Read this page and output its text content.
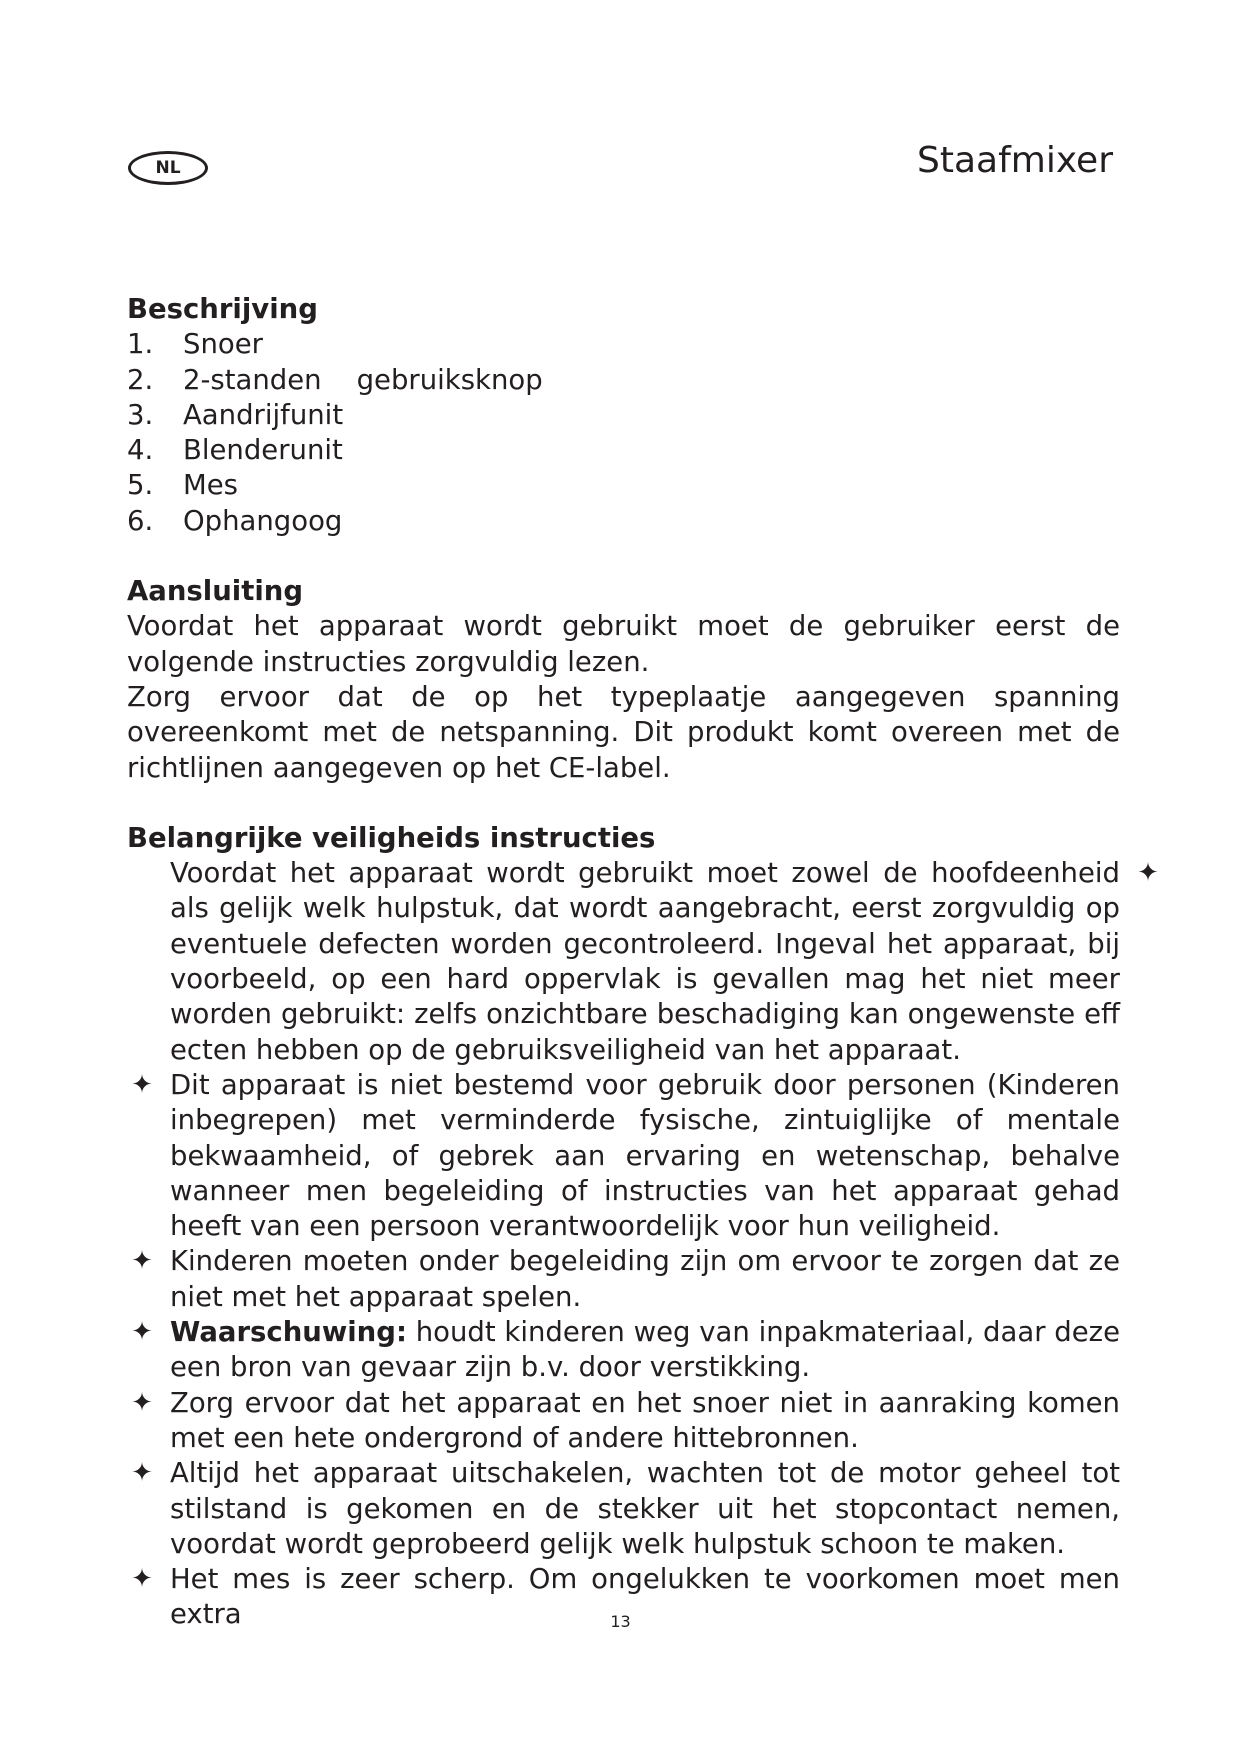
NL	Staafmixer

Beschrijving

1.	Snoer
2.	2-standen    gebruiksknop
3.	Aandrijfunit
4.	Blenderunit
5.	Mes
6.	Ophangoog

Aansluiting

Voordat het apparaat wordt gebruikt moet de gebruiker eerst de volgende instructies zorgvuldig lezen.

Zorg ervoor dat de op het typeplaatje aangegeven spanning overeenkomt met de netspanning. Dit produkt komt overeen met de richtlijnen aangegeven op het CE-label.

Belangrijke veiligheids instructies

✦
Voordat het apparaat wordt gebruikt moet zowel de hoofdeenheid als gelijk welk hulpstuk, dat wordt aangebracht, eerst zorgvuldig op eventuele defecten worden gecontroleerd. Ingeval het apparaat, bij voorbeeld, op een hard oppervlak is gevallen mag het niet meer worden gebruikt: zelfs onzichtbare beschadiging kan ongewenste eff ecten hebben op de gebruiksveiligheid van het apparaat.
✦ Dit apparaat is niet bestemd voor gebruik door personen (Kinderen inbegrepen) met verminderde fysische, zintuiglijke of mentale bekwaamheid, of gebrek aan ervaring en wetenschap, behalve wanneer men begeleiding of instructies van het apparaat gehad heeft van een persoon verantwoordelijk voor hun veiligheid.
✦ Kinderen moeten onder begeleiding zijn om ervoor te zorgen dat ze niet met het apparaat spelen.
✦ Waarschuwing: houdt kinderen weg van inpakmateriaal, daar deze een bron van gevaar zijn b.v. door verstikking.
✦ Zorg ervoor dat het apparaat en het snoer niet in aanraking komen met een hete ondergrond of andere hittebronnen.
✦ Altijd het apparaat uitschakelen, wachten tot de motor geheel tot stilstand is gekomen en de stekker uit het stopcontact nemen, voordat wordt geprobeerd gelijk welk hulpstuk schoon te maken.
✦ Het mes is zeer scherp. Om ongelukken te voorkomen moet men extra	13
